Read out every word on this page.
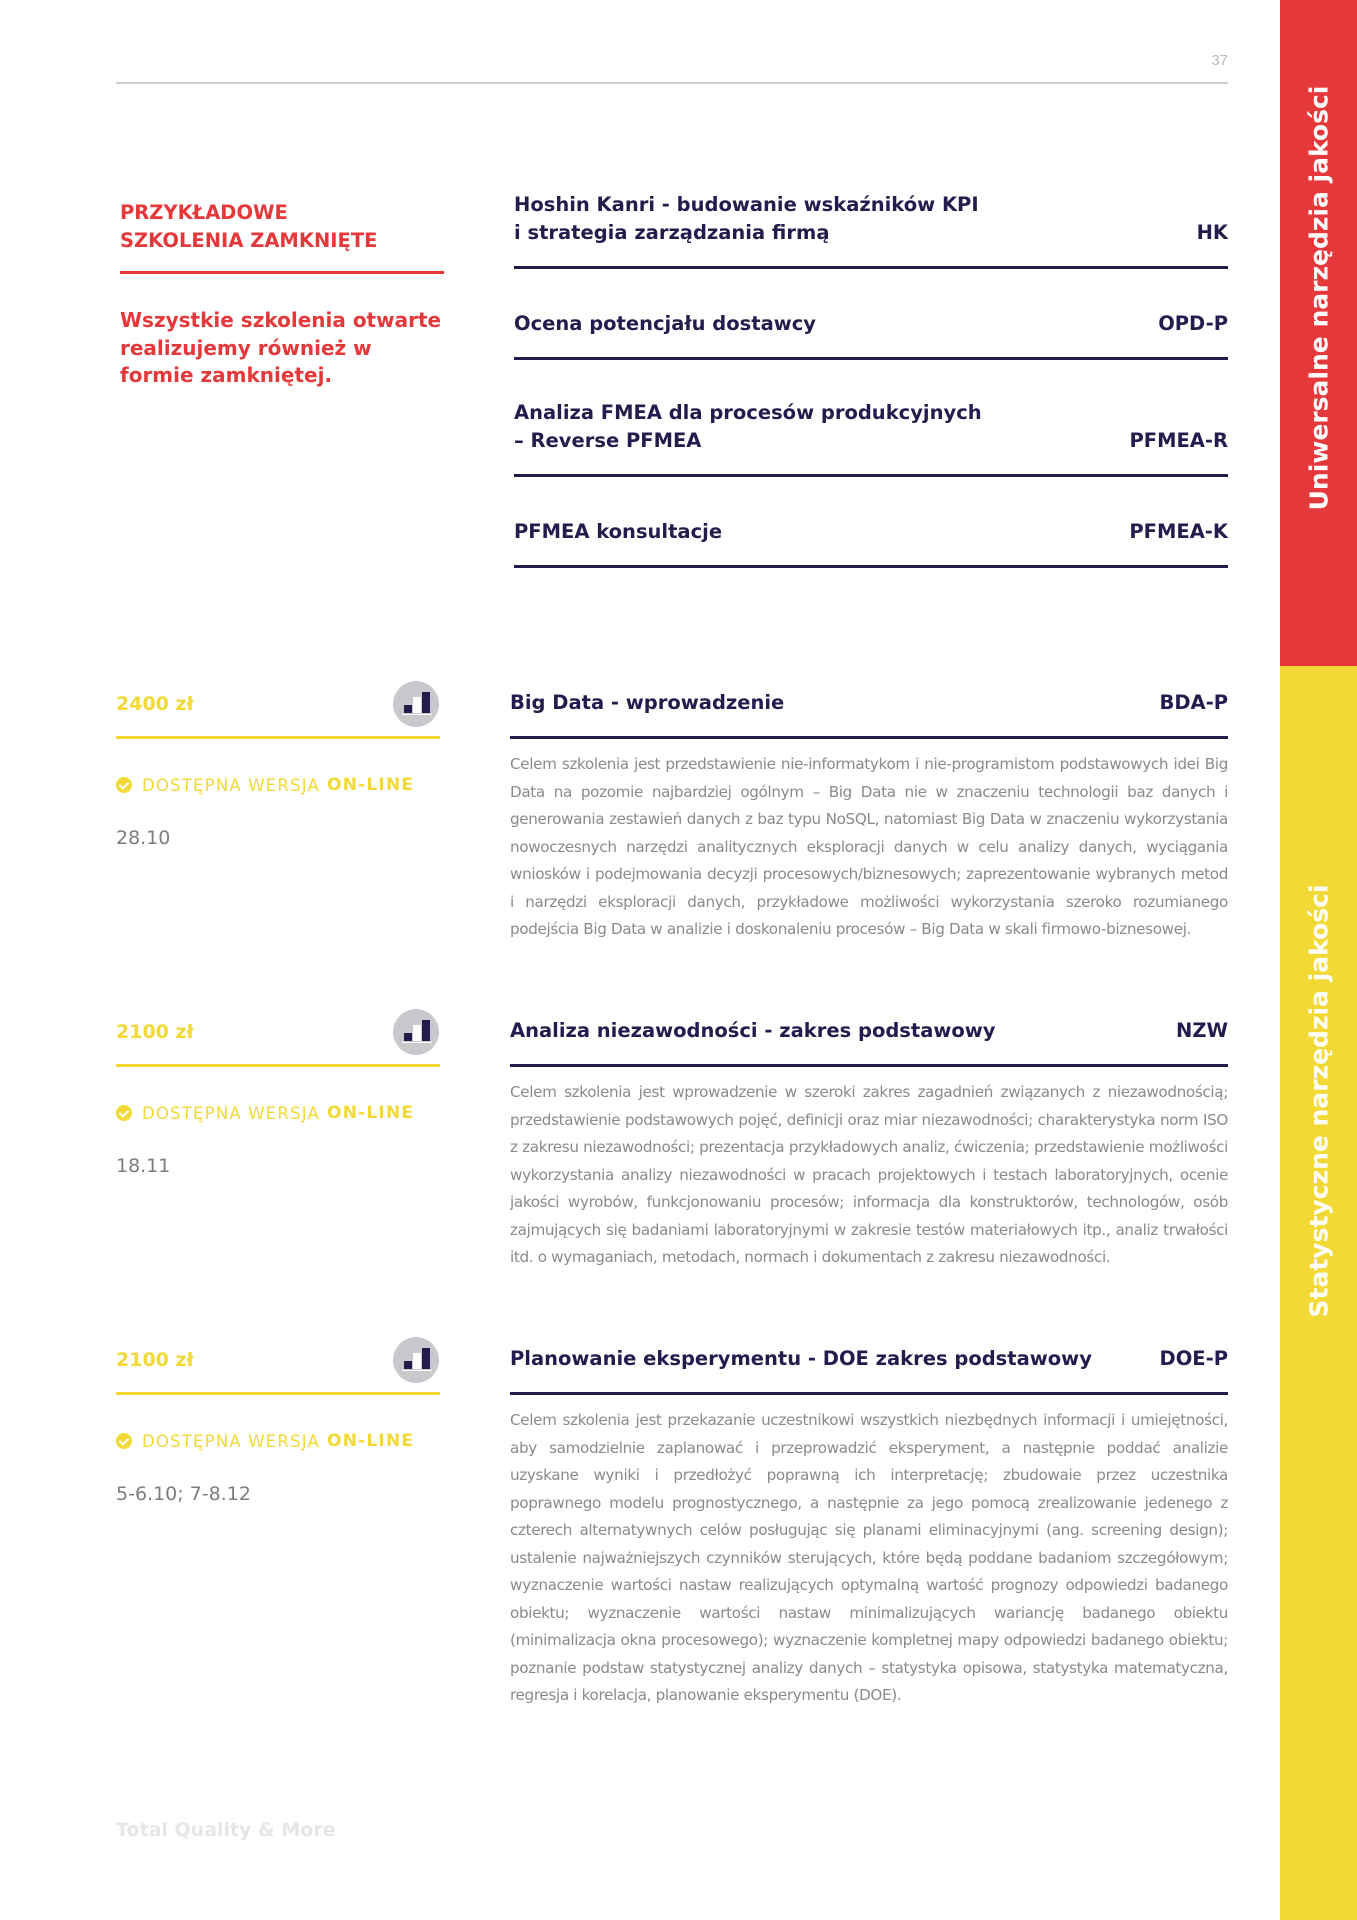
37
Uniwersalne narzędzia jakości
Statystyczne narzędzia jakości
PRZYKŁADOWE
SZKOLENIA ZAMKNIĘTE
Wszystkie szkolenia otwarte realizujemy również w formie zamkniętej.
Hoshin Kanri - budowanie wskaźników KPI
i strategia zarządzania firmą	HK
Ocena potencjału dostawcy	OPD-P
Analiza FMEA dla procesów produkcyjnych
– Reverse PFMEA	PFMEA-R
PFMEA konsultacje	PFMEA-K
2400 zł
DOSTĘPNA WERSJA ON-LINE
28.10
Big Data - wprowadzenie	BDA-P

Celem szkolenia jest przedstawienie nie-informatykom i nie-programistom podstawowych idei Big Data na pozomie najbardziej ogólnym – Big Data nie w znaczeniu technologii baz danych i generowania zestawień danych z baz typu NoSQL, natomiast Big Data w znaczeniu wykorzystania nowoczesnych narzędzi analitycznych eksploracji danych w celu analizy danych, wyciągania wniosków i podejmowania decyzji procesowych/biznesowych; zaprezentowanie wybranych metod i narzędzi eksploracji danych, przykładowe możliwości wykorzystania szeroko rozumianego podejścia Big Data w analizie i doskonaleniu procesów – Big Data w skali firmowo-biznesowej.

2100 zł
DOSTĘPNA WERSJA ON-LINE
18.11
Analiza niezawodności - zakres podstawowy	NZW

Celem szkolenia jest wprowadzenie w szeroki zakres zagadnień związanych z niezawodnością; przedstawienie podstawowych pojęć, definicji oraz miar niezawodności; charakterystyka norm ISO z zakresu niezawodności; prezentacja przykładowych analiz, ćwiczenia; przedstawienie możliwości wykorzystania analizy niezawodności w pracach projektowych i testach laboratoryjnych, ocenie jakości wyrobów, funkcjonowaniu procesów; informacja dla konstruktorów, technologów, osób zajmujących się badaniami laboratoryjnymi w zakresie testów materiałowych itp., analiz trwałości itd. o wymaganiach, metodach, normach i dokumentach z zakresu niezawodności.

2100 zł
DOSTĘPNA WERSJA ON-LINE
5-6.10; 7-8.12
Planowanie eksperymentu - DOE zakres podstawowy	DOE-P

Celem szkolenia jest przekazanie uczestnikowi wszystkich niezbędnych informacji i umiejętności, aby samodzielnie zaplanować i przeprowadzić eksperyment, a następnie poddać analizie uzyskane wyniki i przedłożyć poprawną ich interpretację; zbudowaie przez uczestnika poprawnego modelu prognostycznego, a następnie za jego pomocą zrealizowanie jedenego z czterech alternatywnych celów posługując się planami eliminacyjnymi (ang. screening design); ustalenie najważniejszych czynników sterujących, które będą poddane badaniom szczegółowym; wyznaczenie wartości nastaw realizujących optymalną wartość prognozy odpowiedzi badanego obiektu; wyznaczenie wartości nastaw minimalizujących wariancję badanego obiektu (minimalizacja okna procesowego); wyznaczenie kompletnej mapy odpowiedzi badanego obiektu; poznanie podstaw statystycznej analizy danych – statystyka opisowa, statystyka matematyczna, regresja i korelacja, planowanie eksperymentu (DOE).

Total Quality & More
